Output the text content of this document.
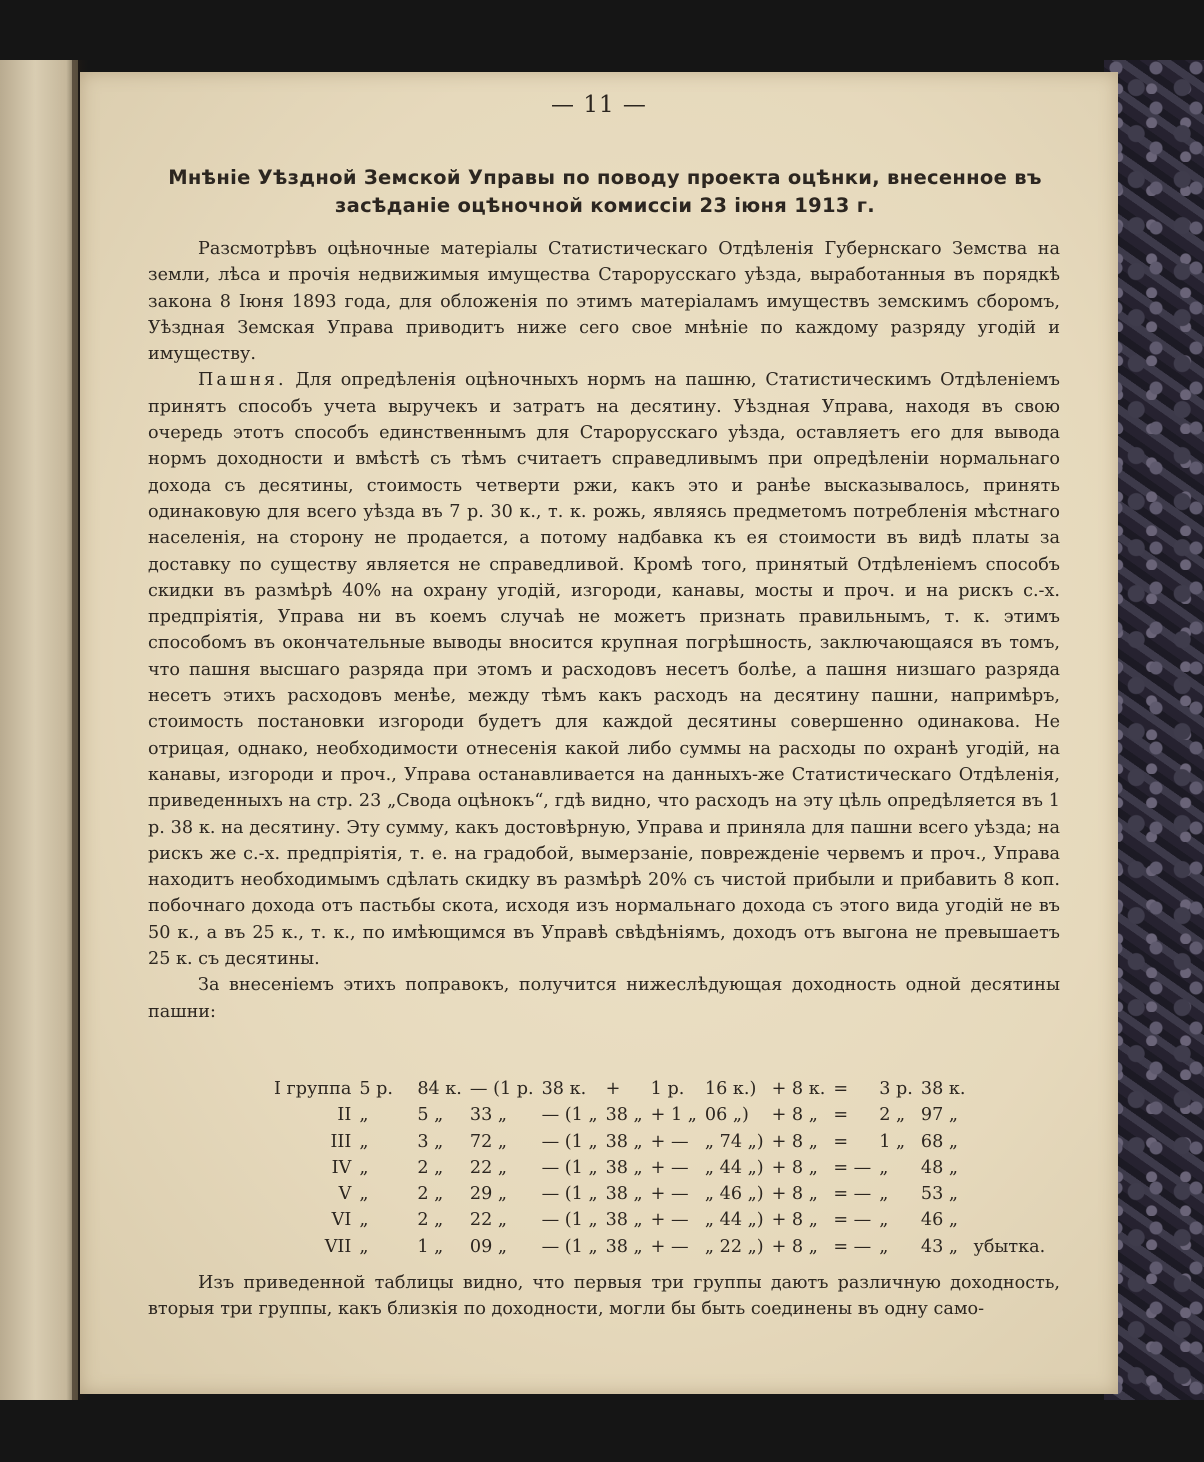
— 11 —
Мнѣніе Уѣздной Земской Управы по поводу проекта оцѣнки, внесенное въ засѣданіе оцѣночной комиссіи 23 іюня 1913 г.

Разсмотрѣвъ оцѣночные матеріалы Статистическаго Отдѣленія Губернскаго Земства на земли, лѣса и прочія недвижимыя имущества Старорусскаго уѣзда, выработанныя въ порядкѣ закона 8 Іюня 1893 года, для обложенія по этимъ матеріаламъ имуществъ земскимъ сборомъ, Уѣздная Земская Управа приводитъ ниже сего свое мнѣніе по каждому разряду угодій и имуществу.

Пашня. Для опредѣленія оцѣночныхъ нормъ на пашню, Статистическимъ Отдѣленіемъ принятъ способъ учета выручекъ и затратъ на десятину. Уѣздная Управа, находя въ свою очередь этотъ способъ единственнымъ для Старорусскаго уѣзда, оставляетъ его для вывода нормъ доходности и вмѣстѣ съ тѣмъ считаетъ справедливымъ при опредѣленіи нормальнаго дохода съ десятины, стоимость четверти ржи, какъ это и ранѣе высказывалось, принять одинаковую для всего уѣзда въ 7 р. 30 к., т. к. рожь, являясь предметомъ потребленія мѣстнаго населенія, на сторону не продается, а потому надбавка къ ея стоимости въ видѣ платы за доставку по существу является не справедливой. Кромѣ того, принятый Отдѣленіемъ способъ скидки въ размѣрѣ 40% на охрану угодій, изгороди, канавы, мосты и проч. и на рискъ с.-х. предпріятія, Управа ни въ коемъ случаѣ не можетъ признать правильнымъ, т. к. этимъ способомъ въ окончательные выводы вносится крупная погрѣшность, заключающаяся въ томъ, что пашня высшаго разряда при этомъ и расходовъ несетъ болѣе, а пашня низшаго разряда несетъ этихъ расходовъ менѣе, между тѣмъ какъ расходъ на десятину пашни, напримѣръ, стоимость постановки изгороди будетъ для каждой десятины совершенно одинакова. Не отрицая, однако, необходимости отнесенія какой либо суммы на расходы по охранѣ угодій, на канавы, изгороди и проч., Управа останавливается на данныхъ-же Статистическаго Отдѣленія, приведенныхъ на стр. 23 „Свода оцѣнокъ“, гдѣ видно, что расходъ на эту цѣль опредѣляется въ 1 р. 38 к. на десятину. Эту сумму, какъ достовѣрную, Управа и приняла для пашни всего уѣзда; на рискъ же с.-х. предпріятія, т. е. на градобой, вымерзаніе, поврежденіе червемъ и проч., Управа находитъ необходимымъ сдѣлать скидку въ размѣрѣ 20% съ чистой прибыли и прибавить 8 коп. побочнаго дохода отъ пастьбы скота, исходя изъ нормальнаго дохода съ этого вида угодій не въ 50 к., а въ 25 к., т. к., по имѣющимся въ Управѣ свѣдѣніямъ, доходъ отъ выгона не превышаетъ 25 к. съ десятины.

За внесеніемъ этихъ поправокъ, получится нижеслѣдующая доходность одной десятины пашни:

I группа	5 р.	84 к.	— (1 р.	38 к.	+	1 р.	16 к.)	+ 8 к.	=	3 р.	38 к.	
II	„	5 „	33 „	— (1 „	38 „	+ 1 „	06 „)	+ 8 „	=	2 „	97 „	
III	„	3 „	72 „	— (1 „	38 „	+ —	„ 74 „)	+ 8 „	=	1 „	68 „	
IV	„	2 „	22 „	— (1 „	38 „	+ —	„ 44 „)	+ 8 „	= —	„	48 „	
V	„	2 „	29 „	— (1 „	38 „	+ —	„ 46 „)	+ 8 „	= —	„	53 „	
VI	„	2 „	22 „	— (1 „	38 „	+ —	„ 44 „)	+ 8 „	= —	„	46 „	
VII	„	1 „	09 „	— (1 „	38 „	+ —	„ 22 „)	+ 8 „	= —	„	43 „	убытка.

Изъ приведенной таблицы видно, что первыя три группы даютъ различную доходность, вторыя три группы, какъ близкія по доходности, могли бы быть соединены въ одну само-
